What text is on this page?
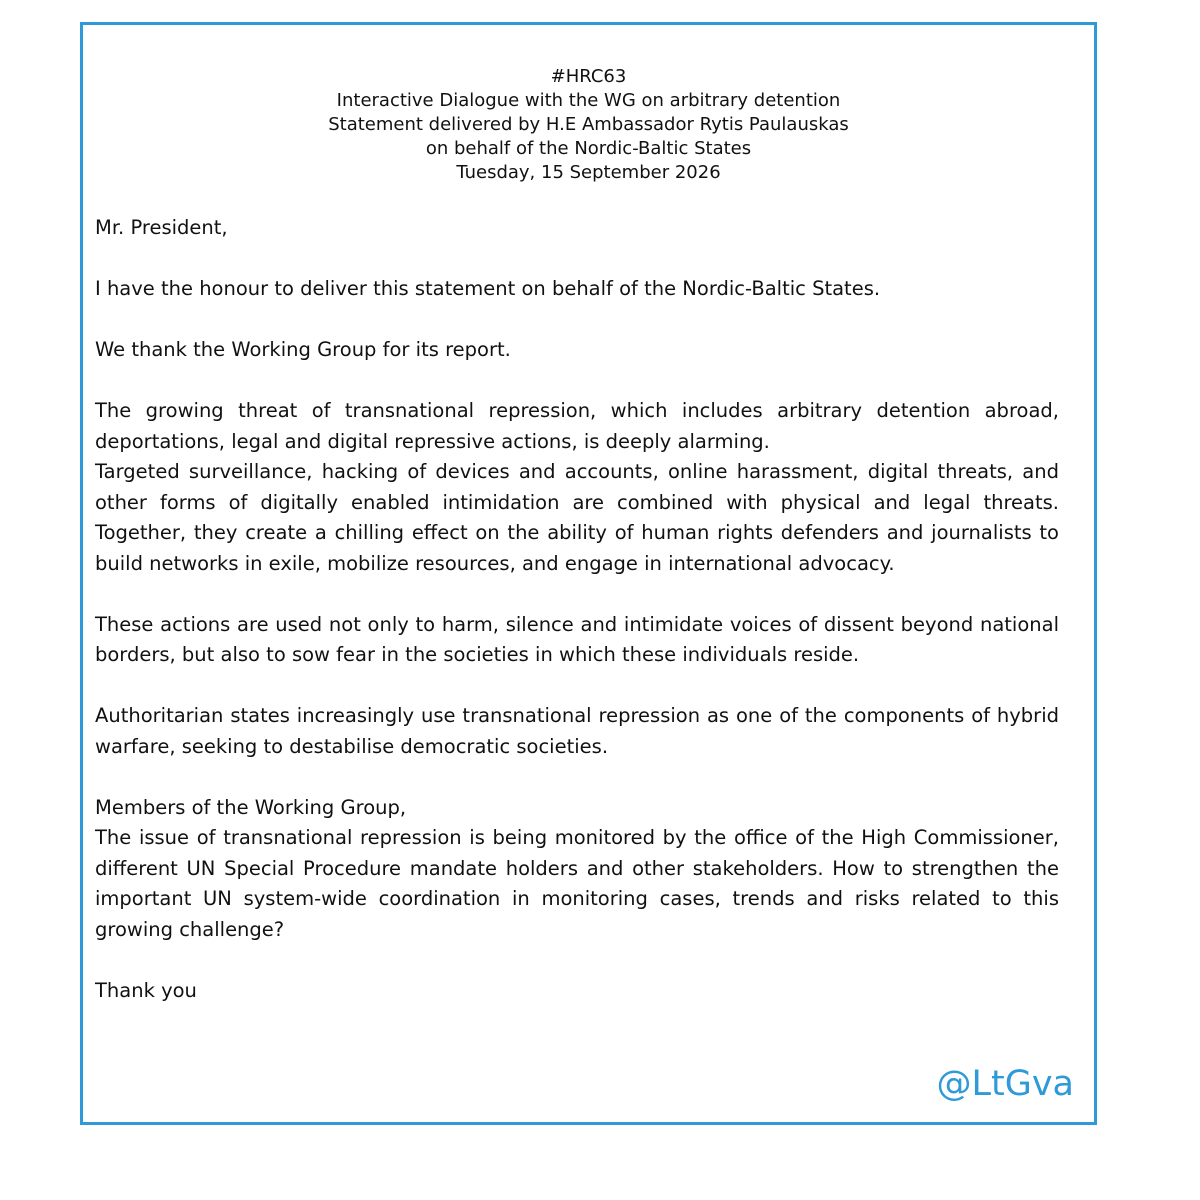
#HRC63
Interactive Dialogue with the WG on arbitrary detention
Statement delivered by H.E Ambassador Rytis Paulauskas
on behalf of the Nordic-Baltic States
Tuesday, 15 September 2026

Mr. President,

I have the honour to deliver this statement on behalf of the Nordic-Baltic States.

We thank the Working Group for its report.

The growing threat of transnational repression, which includes arbitrary detention abroad, deportations, legal and digital repressive actions, is deeply alarming.

Targeted surveillance, hacking of devices and accounts, online harassment, digital threats, and other forms of digitally enabled intimidation are combined with physical and legal threats. Together, they create a chilling effect on the ability of human rights defenders and journalists to build networks in exile, mobilize resources, and engage in international advocacy.

These actions are used not only to harm, silence and intimidate voices of dissent beyond national borders, but also to sow fear in the societies in which these individuals reside.

Authoritarian states increasingly use transnational repression as one of the components of hybrid warfare, seeking to destabilise democratic societies.

Members of the Working Group,

The issue of transnational repression is being monitored by the office of the High Commissioner, different UN Special Procedure mandate holders and other stakeholders. How to strengthen the important UN system-wide coordination in monitoring cases, trends and risks related to this growing challenge?

Thank you

@LtGva
